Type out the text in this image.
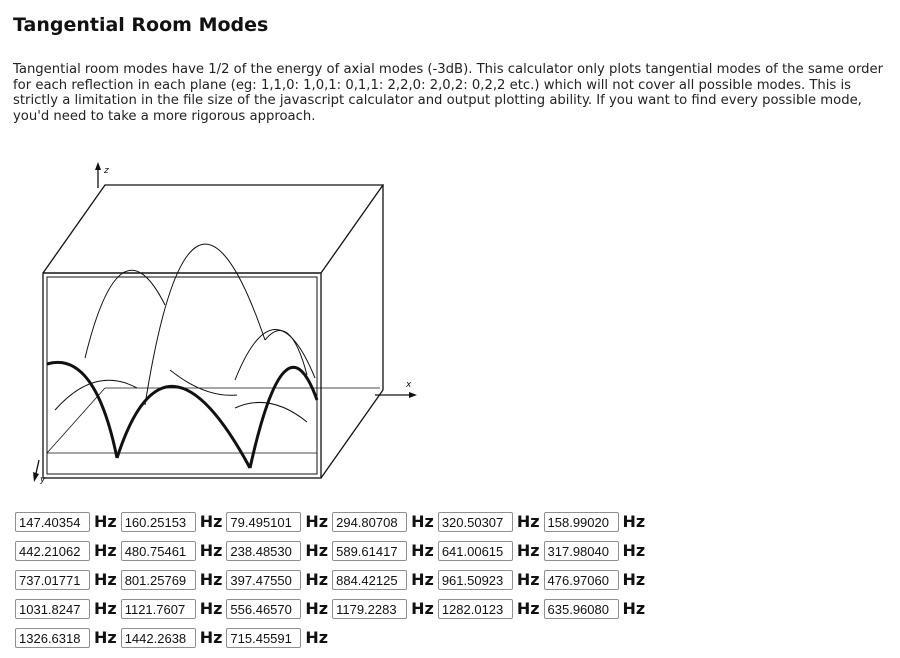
Tangential Room Modes

Tangential room modes have 1/2 of the energy of axial modes (-3dB). This calculator only plots tangential modes of the same order for each reflection in each plane (eg: 1,1,0: 1,0,1: 0,1,1: 2,2,0: 2,0,2: 0,2,2 etc.) which will not cover all possible modes. This is strictly a limitation in the file size of the javascript calculator and output plotting ability. If you want to find every possible mode, you'd need to take a more rigorous approach.

z
x
y
147.40354 Hz 160.25153 Hz 79.495101 Hz 294.80708 Hz 320.50307 Hz 158.99020 Hz
442.21062 Hz 480.75461 Hz 238.48530 Hz 589.61417 Hz 641.00615 Hz 317.98040 Hz
737.01771 Hz 801.25769 Hz 397.47550 Hz 884.42125 Hz 961.50923 Hz 476.97060 Hz
1031.8247 Hz 1121.7607 Hz 556.46570 Hz 1179.2283 Hz 1282.0123 Hz 635.96080 Hz
1326.6318 Hz 1442.2638 Hz 715.45591 Hz
